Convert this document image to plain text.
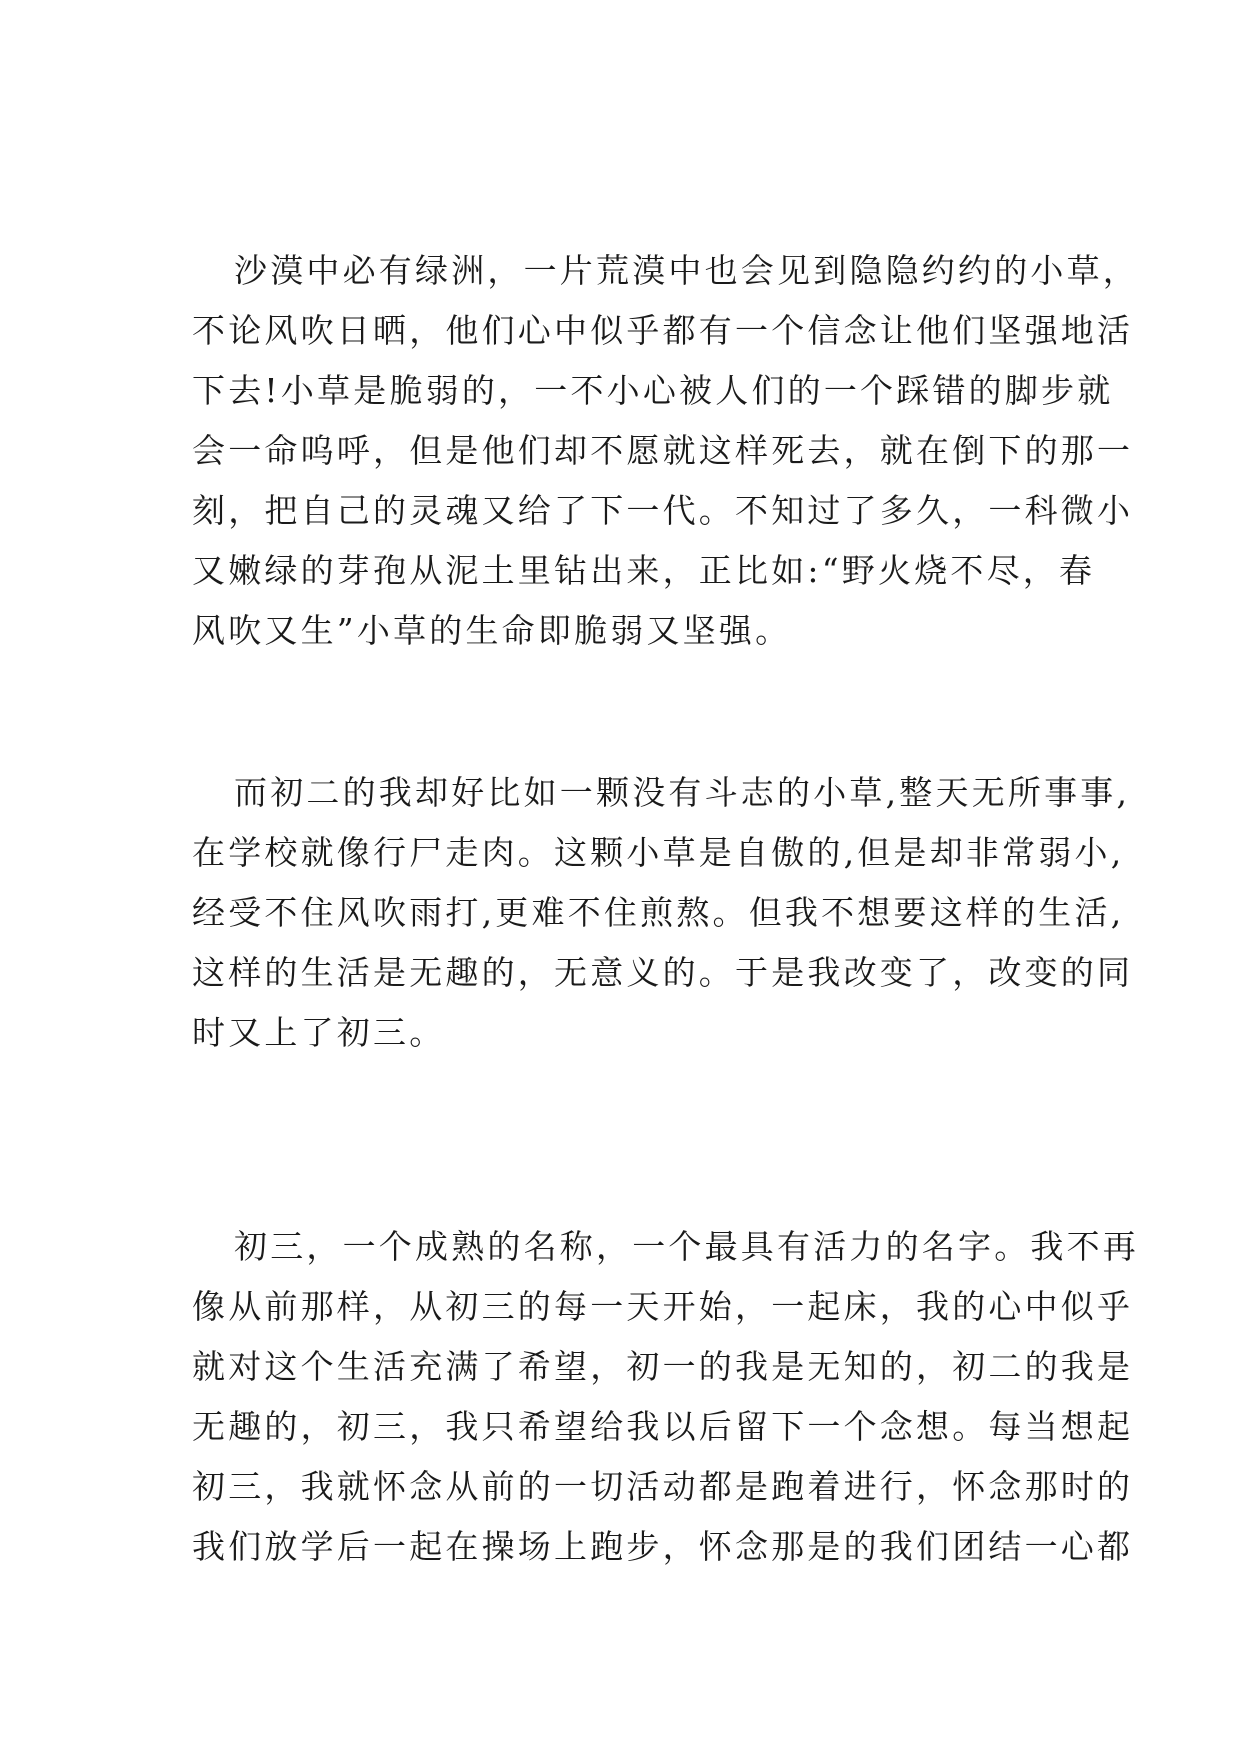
沙漠中必有绿洲，一片荒漠中也会见到隐隐约约的小草，
不论风吹日晒，他们心中似乎都有一个信念让他们坚强地活
下去!小草是脆弱的，一不小心被人们的一个踩错的脚步就
会一命呜呼，但是他们却不愿就这样死去，就在倒下的那一
刻，把自己的灵魂又给了下一代。不知过了多久，一科微小
又嫩绿的芽孢从泥土里钻出来，正比如:“野火烧不尽，春
风吹又生”小草的生命即脆弱又坚强。
而初二的我却好比如一颗没有斗志的小草,整天无所事事,
在学校就像行尸走肉。这颗小草是自傲的,但是却非常弱小,
经受不住风吹雨打,更难不住煎熬。但我不想要这样的生活,
这样的生活是无趣的，无意义的。于是我改变了，改变的同
时又上了初三。
初三，一个成熟的名称，一个最具有活力的名字。我不再
像从前那样，从初三的每一天开始，一起床，我的心中似乎
就对这个生活充满了希望，初一的我是无知的，初二的我是
无趣的，初三，我只希望给我以后留下一个念想。每当想起
初三，我就怀念从前的一切活动都是跑着进行，怀念那时的
我们放学后一起在操场上跑步，怀念那是的我们团结一心都
